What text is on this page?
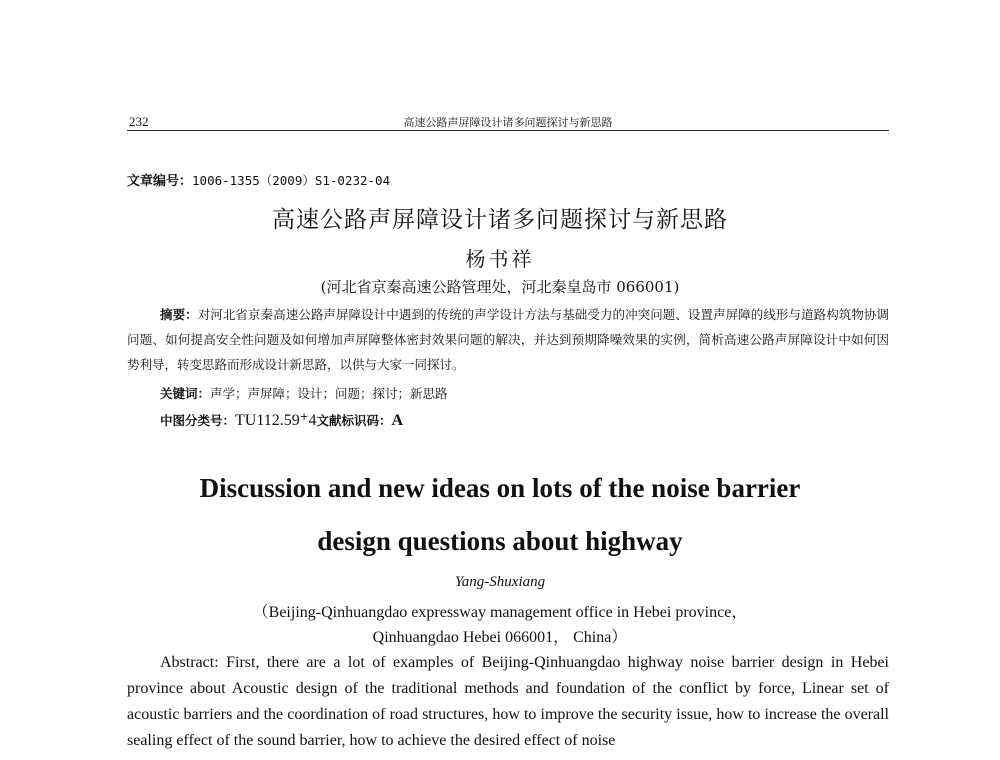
232	高速公路声屏障设计诸多问题探讨与新思路
文章编号：1006-1355（2009）S1-0232-04
高速公路声屏障设计诸多问题探讨与新思路
杨书祥
(河北省京秦高速公路管理处，河北秦皇岛市 066001)
摘要：对河北省京秦高速公路声屏障设计中遇到的传统的声学设计方法与基础受力的冲突问题、设置声屏障的线形与道路构筑物协调问题、如何提高安全性问题及如何增加声屏障整体密封效果问题的解决，并达到预期降噪效果的实例，简析高速公路声屏障设计中如何因势利导，转变思路而形成设计新思路，以供与大家一同探讨。
关键词：声学；声屏障；设计；问题；探讨；新思路
中图分类号：TU112.59+4文献标识码：A
Discussion and new ideas on lots of the noise barrier
design questions about highway
Yang-Shuxiang
（Beijing-Qinhuangdao expressway management office in Hebei province，
Qinhuangdao Hebei 066001， China）
Abstract: First, there are a lot of examples of Beijing-Qinhuangdao highway noise barrier design in Hebei province about Acoustic design of the traditional methods and foundation of the conflict by force, Linear set of acoustic barriers and the coordination of road structures, how to improve the security issue, how to increase the overall sealing effect of the sound barrier, how to achieve the desired effect of noise
